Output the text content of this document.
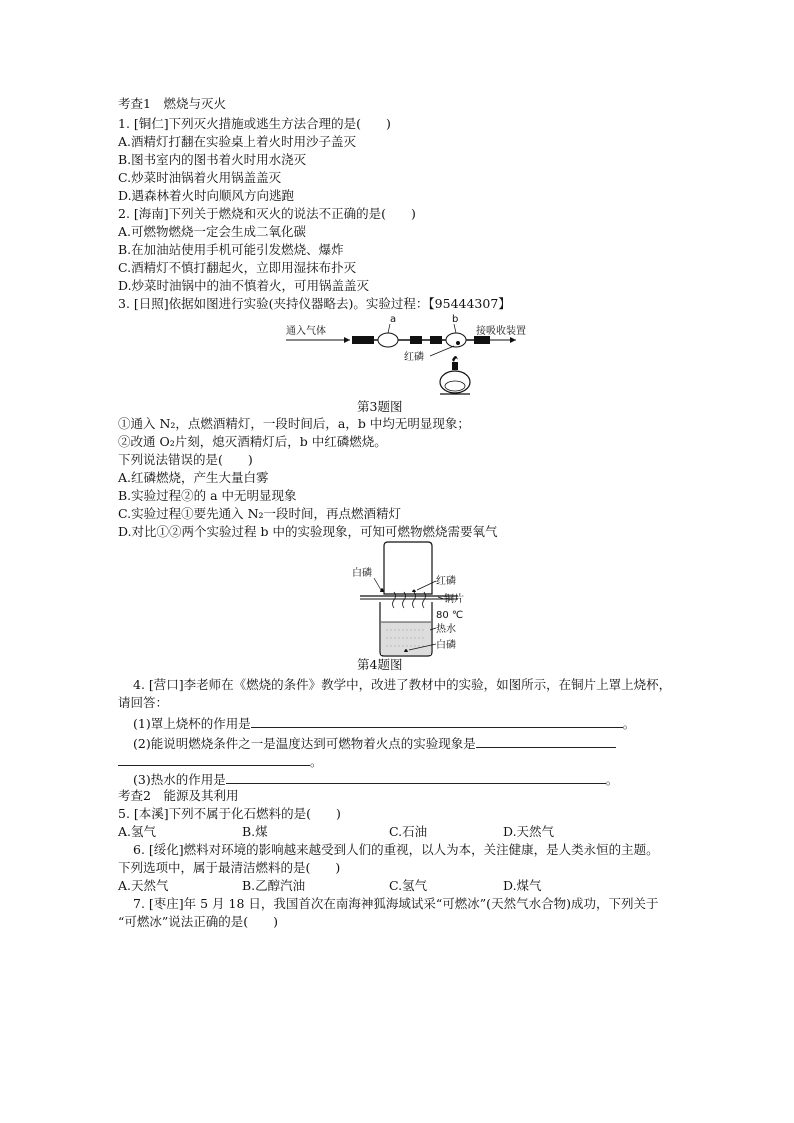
考查1　燃烧与灭火
1. [铜仁]下列灭火措施或逃生方法合理的是(　　)
A.酒精灯打翻在实验桌上着火时用沙子盖灭
B.图书室内的图书着火时用水浇灭
C.炒菜时油锅着火用锅盖盖灭
D.遇森林着火时向顺风方向逃跑
2. [海南]下列关于燃烧和灭火的说法不正确的是(　　)
A.可燃物燃烧一定会生成二氧化碳
B.在加油站使用手机可能引发燃烧、爆炸
C.酒精灯不慎打翻起火，立即用湿抹布扑灭
D.炒菜时油锅中的油不慎着火，可用锅盖盖灭
3. [日照]依据如图进行实验(夹持仪器略去)。实验过程：【95444307】
通入气体
a	b
接吸收装置
红磷
第3题图
①通入 N₂，点燃酒精灯，一段时间后，a，b 中均无明显现象；
②改通 O₂片刻，熄灭酒精灯后，b 中红磷燃烧。
下列说法错误的是(　　)
A.红磷燃烧，产生大量白雾
B.实验过程②的 a 中无明显现象
C.实验过程①要先通入 N₂一段时间，再点燃酒精灯
D.对比①②两个实验过程 b 中的实验现象，可知可燃物燃烧需要氧气
白磷
红磷
铜片
80 ℃
热水
白磷
第4题图
4. [营口]李老师在《燃烧的条件》教学中，改进了教材中的实验，如图所示，在铜片上罩上烧杯，
请回答：
(1)罩上烧杯的作用是	。
(2)能说明燃烧条件之一是温度达到可燃物着火点的实验现象是
。
(3)热水的作用是	。
考查2　能源及其利用
5. [本溪]下列不属于化石燃料的是(　　)
A.氢气	B.煤	C.石油	D.天然气
6. [绥化]燃料对环境的影响越来越受到人们的重视，以人为本，关注健康，是人类永恒的主题。
下列选项中，属于最清洁燃料的是(　　)
A.天然气	B.乙醇汽油	C.氢气	D.煤气
7. [枣庄]年 5 月 18 日，我国首次在南海神狐海域试采“可燃冰”(天然气水合物)成功，下列关于
“可燃冰”说法正确的是(　　)
